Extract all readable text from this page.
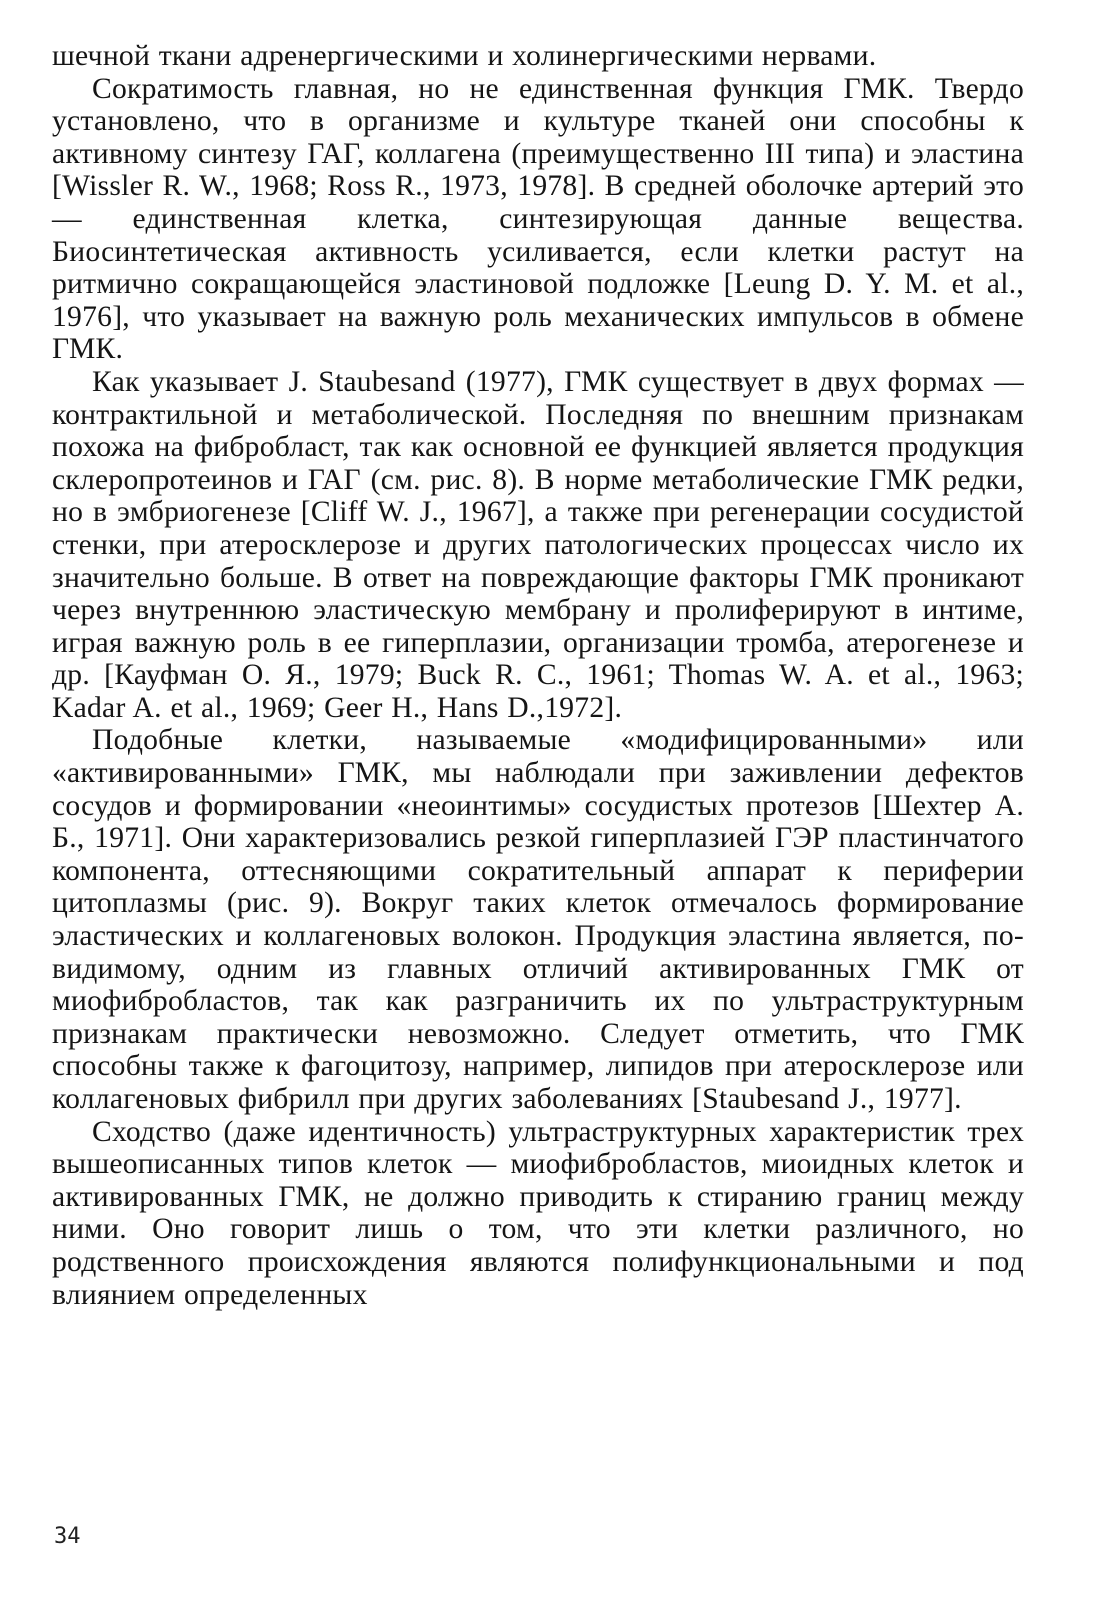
шечной ткани адренергическими и холинергическими нервами.

Сократимость главная, но не единственная функция ГМК. Твердо установлено, что в организме и культуре тканей они способны к активному синтезу ГАГ, коллагена (преимущественно III типа) и эластина [Wissler R. W., 1968; Ross R., 1973, 1978]. В средней оболочке артерий это — единственная клетка, синтезирующая данные вещества. Биосинтетическая активность усиливается, если клетки растут на ритмично сокращающейся эластиновой подложке [Leung D. Y. M. et al., 1976], что указывает на важную роль механических импульсов в обмене ГМК.

Как указывает J. Staubesand (1977), ГМК существует в двух формах — контрактильной и метаболической. Последняя по внешним признакам похожа на фибробласт, так как основной ее функцией является продукция склеропротеинов и ГАГ (см. рис. 8). В норме метаболические ГМК редки, но в эмбриогенезе [Cliff W. J., 1967], а также при регенерации сосудистой стенки, при атеросклерозе и других патологических процессах число их значительно больше. В ответ на повреждающие факторы ГМК проникают через внутреннюю эластическую мембрану и пролиферируют в интиме, играя важную роль в ее гиперплазии, организации тромба, атерогенезе и др. [Кауфман О. Я., 1979; Buck R. C., 1961; Thomas W. A. et al., 1963; Kadar A. et al., 1969; Geer H., Hans D.,1972].

Подобные клетки, называемые «модифицированными» или «активированными» ГМК, мы наблюдали при заживлении дефектов сосудов и формировании «неоинтимы» сосудистых протезов [Шехтер А. Б., 1971]. Они характеризовались резкой гиперплазией ГЭР пластинчатого компонента, оттесняющими сократительный аппарат к периферии цитоплазмы (рис. 9). Вокруг таких клеток отмечалось формирование эластических и коллагеновых волокон. Продукция эластина является, по-видимому, одним из главных отличий активированных ГМК от миофибробластов, так как разграничить их по ультраструктурным признакам практически невозможно. Следует отметить, что ГМК способны также к фагоцитозу, например, липидов при атеросклерозе или коллагеновых фибрилл при других заболеваниях [Staubesand J., 1977].

Сходство (даже идентичность) ультраструктурных характеристик трех вышеописанных типов клеток — миофибробластов, миоидных клеток и активированных ГМК, не должно приводить к стиранию границ между ними. Оно говорит лишь о том, что эти клетки различного, но родственного происхождения являются полифункциональными и под влиянием определенных

34
